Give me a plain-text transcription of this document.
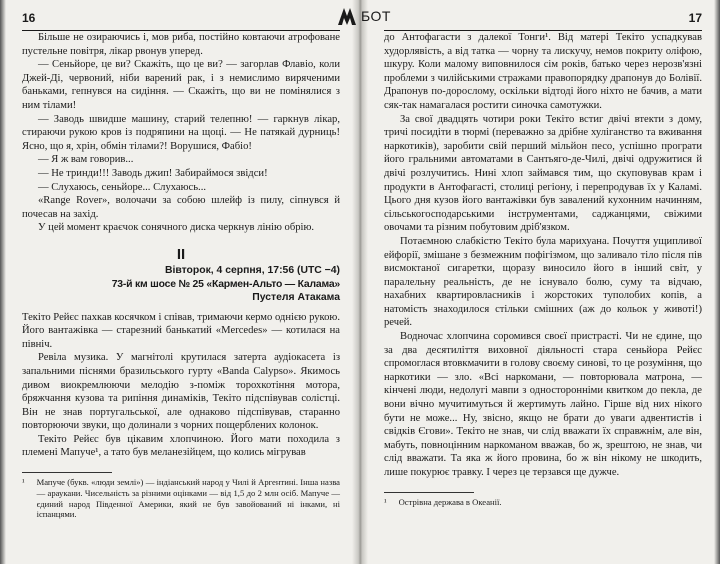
16

Більше не озираючись і, мов риба, постійно ковтаючи атрофоване пустельне повітря, лікар рвонув уперед.

— Сеньйоре, це ви? Скажіть, що це ви? — загорлав Флавіо, коли Джей-Ді, червоний, ніби варений рак, і з немислимо виряченими баньками, гепнувся на сидіння. — Скажіть, що ви не помінялися з ним тілами!

— Заводь швидше машину, старий телепню! — гаркнув лікар, стираючи рукою кров із подряпини на щоці. — Не патякай дурниць! Ясно, що я, хрін, обмін тілами?! Ворушися, Фабіо!

— Я ж вам говорив...

— Не тринди!!! Заводь джип! Забираймося звідси!

— Слухаюсь, сеньйоре... Слухаюсь...

«Range Rover», волочачи за собою шлейф із пилу, сіпнувся й почесав на захід.

У цей момент краєчок сонячного диска черкнув лінію обрію.

II
Вівторок, 4 серпня, 17:56 (UTC −4)
73-й км шосе № 25 «Кармен-Альто — Калама»
Пустеля Атакама

Текіто Рейєс пахкав косячком і співав, тримаючи кермо однією рукою. Його вантажівка — старезний банькатий «Mercedes» — котилася на північ.

Ревіла музика. У магнітолі крутилася затерта аудіокасета із запальними піснями бразильського гурту «Banda Calypso». Якимось дивом виокремлюючи мелодію з-поміж торохкотіння мотора, бряжчання кузова та рипіння динаміків, Текіто підспівував солістці. Він не знав португальської, але однаково підспівував, старанно повторюючи звуки, що долинали з чорних пощерблених колонок.

Текіто Рейєс був цікавим хлопчиною. Його мати походила з племені Мапуче¹, а тато був меланезійцем, що колись мігрував

¹ Мапуче (букв. «люди землі») — індіанський народ у Чилі й Аргентині. Інша назва — араукани. Чисельність за різними оцінками — від 1,5 до 2 млн осіб. Мапуче — єдиний народ Південної Америки, який не був завойований ні інками, ні іспанцями.
17

до Антофагасти з далекої Тонги¹. Від матері Текіто успадкував худорлявість, а від татка — чорну та лискучу, немов покриту оліфою, шкуру. Коли малому виповнилося сім років, батько через нерозв'язні проблеми з чилійськими стражами правопорядку драпонув до Болівії. Драпонув по-доросломy, оскільки відтоді його ніхто не бачив, а мати сяк-так намагалася ростити синочка самотужки.

За свої двадцять чотири роки Текіто встиг двічі втекти з дому, тричі посидіти в тюрмі (переважно за дрібне хуліганство та вживання наркотиків), заробити свій перший мільйон песо, успішно програти його гральними автоматами в Сантьяго-де-Чилі, двічі одружитися й двічі розлучитись. Нині хлоп займався тим, що скуповував крам і продукти в Антофагасті, столиці регіону, і перепродував їх у Каламі. Цього дня кузов його вантажівки був завалений кухонним начинням, сільськогосподарськими інструментами, саджанцями, свіжими овочами та різним побутовим дріб'язком.

Потаємною слабкістю Текіто була марихуана. Почуття ущипливої ейфорії, змішане з безмежним пофігізмом, що заливало тіло після пів висмоктаної сигаретки, щоразу виносило його в інший світ, у паралельну реальність, де не існувало болю, суму та відчаю, нахабних квартировласників і жорстоких туполобих копів, а натомість знаходилося стільки смішних (аж до кольок у животі!) речей.

Водночас хлопчина соромився своєї пристрасті. Чи не єдине, що за два десятиліття виховної діяльності стара сеньйора Рейєс спромоглася втовкмачити в голову своєму синові, то це розуміння, що наркотики — зло. «Всі наркомани, — повторювала матрона, — кінчені люди, недолугі мавпи з односторонніми квитком до пекла, де вони вічно мучитимуться й жертимуть лайно. Гірше від них нікого бути не може... Ну, звісно, якщо не брати до уваги адвентистів і свідків Єгови». Текіто не знав, чи слід вважати їх справжнім, але він, мабуть, повноцінним наркоманом вважав, бо ж, зрештою, не знав, чи слід вважати. Та яка ж його провина, бо ж він нікому не шкодить, лише покурює травку. І через це терзався ще дужче.

¹ Острівна держава в Океанії.
БОТ
